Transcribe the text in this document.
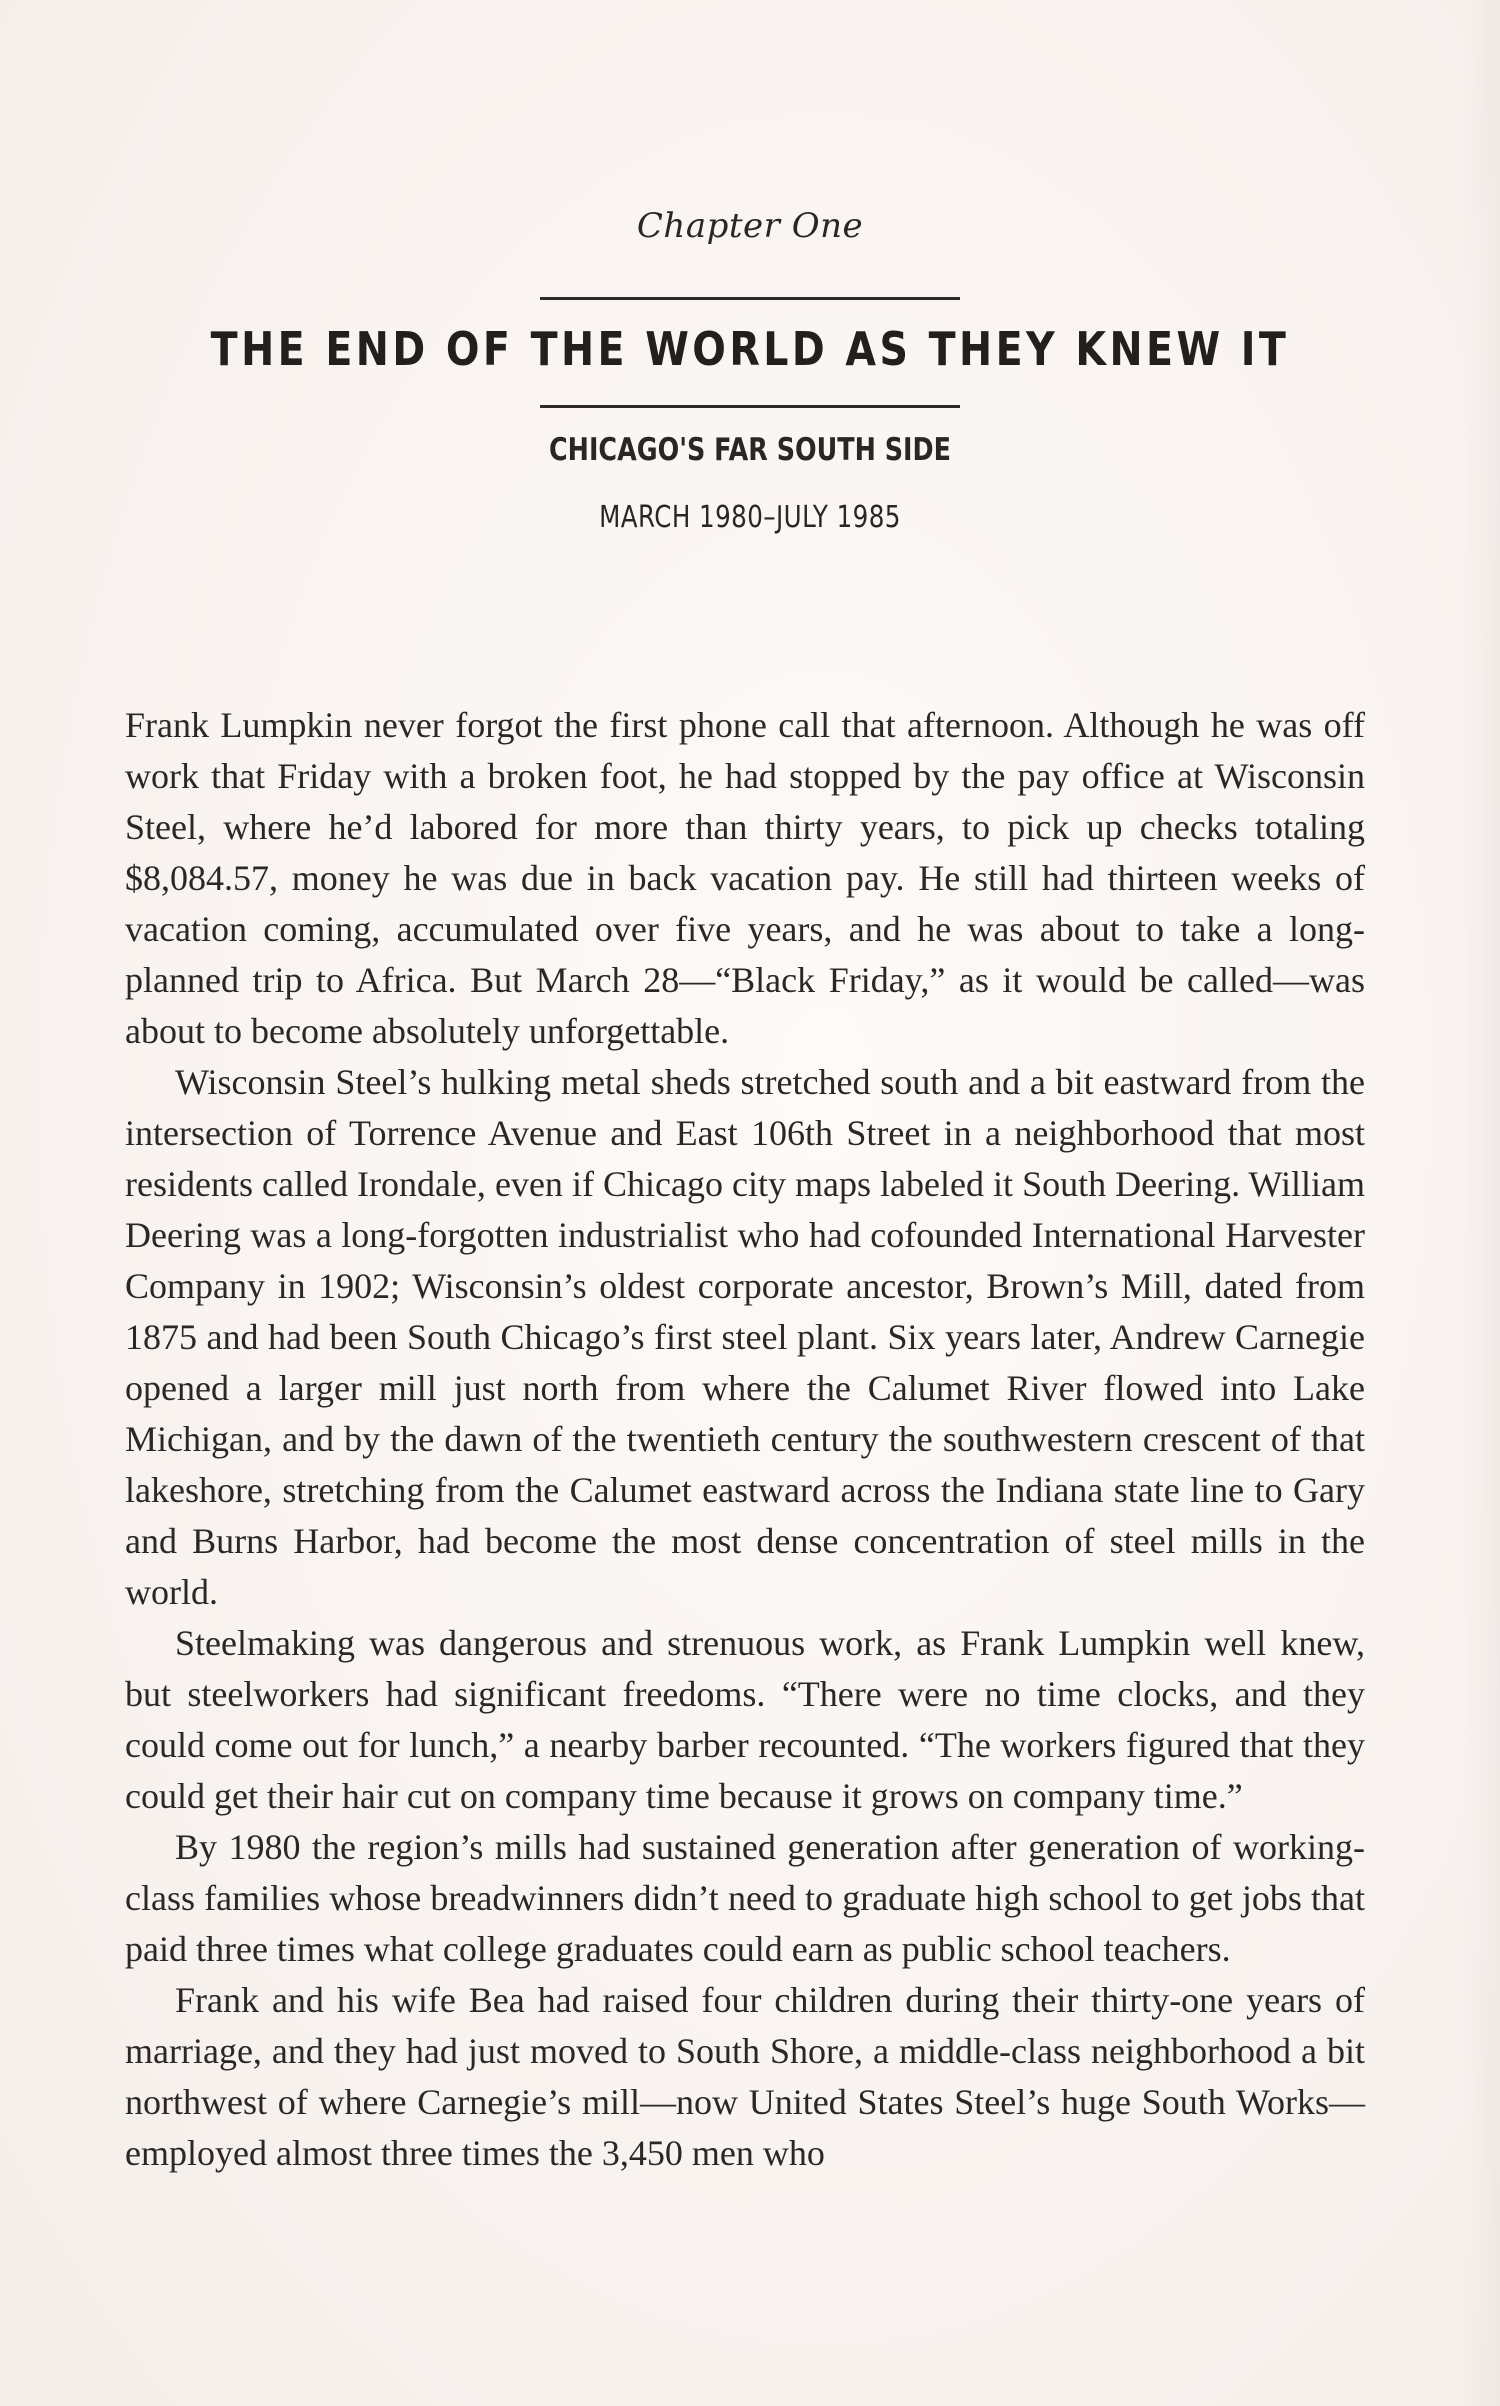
Chapter One
THE END OF THE WORLD AS THEY KNEW IT
CHICAGO'S FAR SOUTH SIDE
MARCH 1980–JULY 1985

Frank Lumpkin never forgot the first phone call that afternoon. Although he was off work that Friday with a broken foot, he had stopped by the pay office at Wisconsin Steel, where he’d labored for more than thirty years, to pick up checks totaling $8,084.57, money he was due in back vacation pay. He still had thirteen weeks of vacation coming, accumulated over five years, and he was about to take a long-planned trip to Africa. But March 28—“Black Friday,” as it would be called—was about to become absolutely unforgettable.

Wisconsin Steel’s hulking metal sheds stretched south and a bit eastward from the intersection of Torrence Avenue and East 106th Street in a neighborhood that most residents called Irondale, even if Chicago city maps labeled it South Deering. William Deering was a long-forgotten industrialist who had cofounded International Harvester Company in 1902; Wisconsin’s oldest corporate ancestor, Brown’s Mill, dated from 1875 and had been South Chicago’s first steel plant. Six years later, Andrew Carnegie opened a larger mill just north from where the Calumet River flowed into Lake Michigan, and by the dawn of the twentieth century the southwestern crescent of that lakeshore, stretching from the Calumet eastward across the Indiana state line to Gary and Burns Harbor, had become the most dense concentration of steel mills in the world.

Steelmaking was dangerous and strenuous work, as Frank Lumpkin well knew, but steelworkers had significant freedoms. “There were no time clocks, and they could come out for lunch,” a nearby barber recounted. “The workers figured that they could get their hair cut on company time because it grows on company time.”

By 1980 the region’s mills had sustained generation after generation of working-class families whose breadwinners didn’t need to graduate high school to get jobs that paid three times what college graduates could earn as public school teachers.

Frank and his wife Bea had raised four children during their thirty-one years of marriage, and they had just moved to South Shore, a middle-class neighborhood a bit northwest of where Carnegie’s mill—now United States Steel’s huge South Works—employed almost three times the 3,450 men who
